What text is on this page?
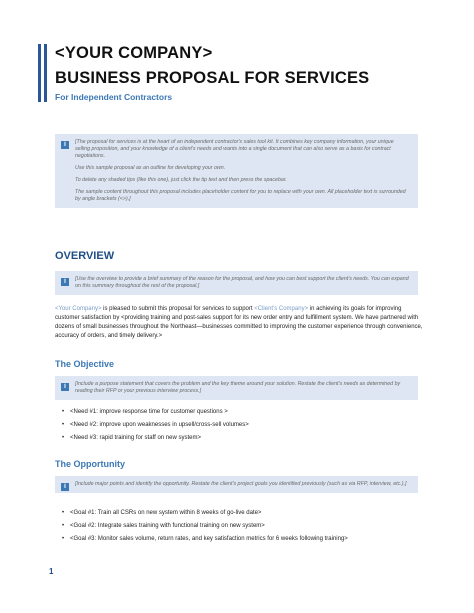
<YOUR COMPANY>
BUSINESS PROPOSAL FOR SERVICES
For Independent Contractors
i	[The proposal for services is at the heart of an independent contractor's sales tool kit. It combines key company information, your unique selling proposition, and your knowledge of a client's needs and wants into a single document that can also serve as a basis for contract negotiations.

Use this sample proposal as an outline for developing your own.

To delete any shaded tips (like this one), just click the tip text and then press the spacebar.

The sample content throughout this proposal includes placeholder content for you to replace with your own. All placeholder text is surrounded by angle brackets (<>).]

OVERVIEW
i	[Use the overview to provide a brief summary of the reason for the proposal, and how you can best support the client's needs. You can expand on this summary throughout the rest of the proposal.]

<Your Company> is pleased to submit this proposal for services to support <Client's Company> in achieving its goals for improving customer satisfaction by <providing training and post-sales support for its new order entry and fulfillment system. We have partnered with dozens of small businesses throughout the Northeast—businesses committed to improving the customer experience through convenience, accuracy of orders, and timely delivery.>
The Objective
i	[Include a purpose statement that covers the problem and the key theme around your solution. Restate the client's needs as determined by reading their RFP or your previous interview process.]

• <Need #1: improve response time for customer questions >
• <Need #2: improve upon weaknesses in upsell/cross-sell volumes>
• <Need #3: rapid training for staff on new system>
The Opportunity
i	[Include major points and identify the opportunity. Restate the client's project goals you identified previously (such as via RFP, interview, etc.).]

• <Goal #1: Train all CSRs on new system within 8 weeks of go-live date>
• <Goal #2: Integrate sales training with functional training on new system>
• <Goal #3: Monitor sales volume, return rates, and key satisfaction metrics for 6 weeks following training>
1
